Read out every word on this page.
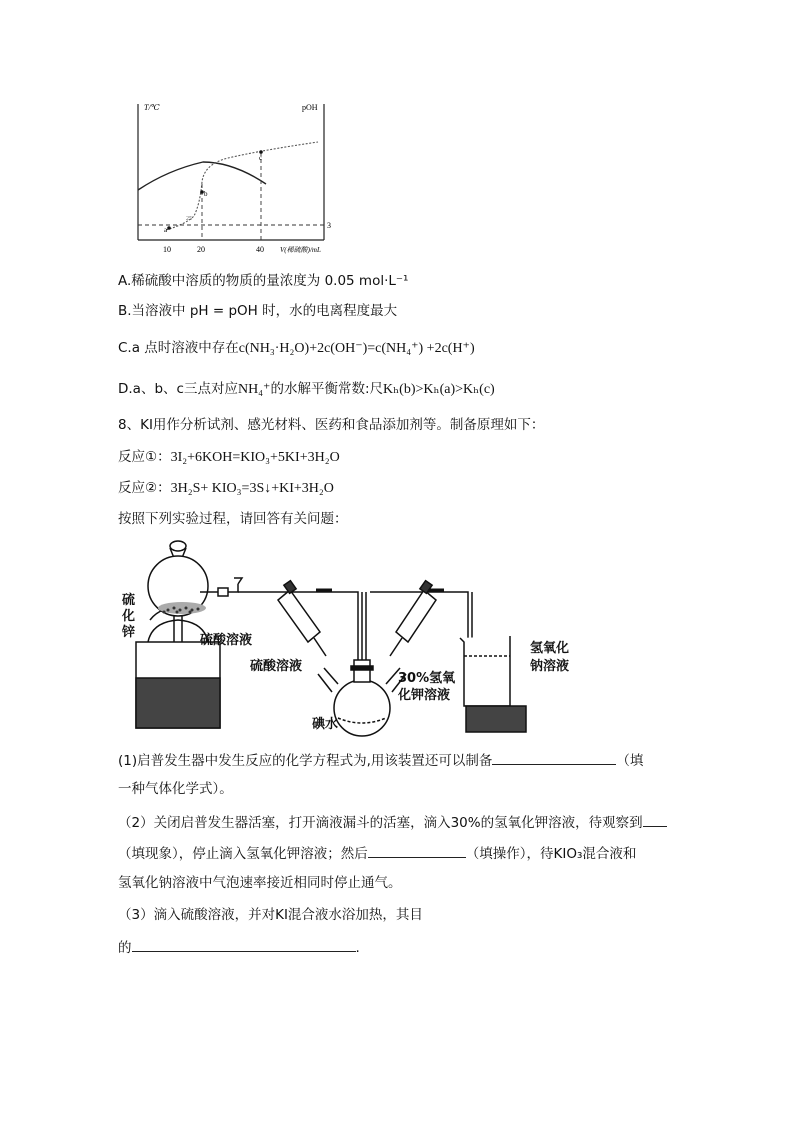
T/℃	pOH
a
b
c
25
3
10	20	40 V(稀硫酸)/mL
A.稀硫酸中溶质的物质的量浓度为 0.05 mol·L⁻¹
B.当溶液中 pH = pOH 时，水的电离程度最大
C.a 点时溶液中存在c(NH₃·H₂O)+2c(OH⁻)=c(NH₄⁺) +2c(H⁺)
D.a、b、c三点对应NH₄⁺的水解平衡常数:尺Kₕ(b)>Kₕ(a)>Kₕ(c)
8、KI用作分析试剂、感光材料、医药和食品添加剂等。制备原理如下：
反应①：3I₂+6KOH=KIO₃+5KI+3H₂O
反应②：3H₂S+ KIO₃=3S↓+KI+3H₂O
按照下列实验过程，请回答有关问题：
硫
化
锌
硫酸溶液
硫酸溶液
30%氢氧
化钾溶液
碘水
氢氧化
钠溶液
(1)启普发生器中发生反应的化学方程式为,用该装置还可以制备	（填
一种气体化学式）。
（2）关闭启普发生器活塞，打开滴液漏斗的活塞，滴入30%的氢氧化钾溶液，待观察到
（填现象），停止滴入氢氧化钾溶液；然后	（填操作），待KIO₃混合液和
氢氧化钠溶液中气泡速率接近相同时停止通气。
（3）滴入硫酸溶液，并对KI混合液水浴加热，其目
的	.
